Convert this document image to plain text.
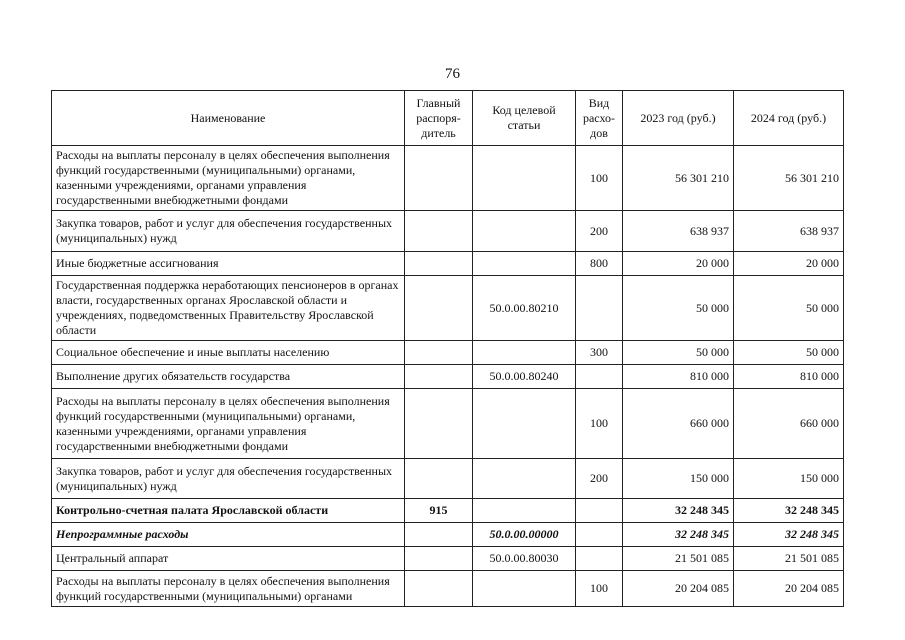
76
Наименование	Главный распоря-дитель	Код целевой статьи	Вид расхо-дов	2023 год (руб.)	2024 год (руб.)
Расходы на выплаты персоналу в целях обеспечения выполнения функций государственными (муниципальными) органами, казенными учреждениями, органами управления государственными внебюджетными фондами			100	56 301 210	56 301 210
Закупка товаров, работ и услуг для обеспечения государственных (муниципальных) нужд			200	638 937	638 937
Иные бюджетные ассигнования			800	20 000	20 000
Государственная поддержка неработающих пенсионеров в органах власти, государственных органах Ярославской области и учреждениях, подведомственных Правительству Ярославской области		50.0.00.80210		50 000	50 000
Социальное обеспечение и иные выплаты населению			300	50 000	50 000
Выполнение других обязательств государства		50.0.00.80240		810 000	810 000
Расходы на выплаты персоналу в целях обеспечения выполнения функций государственными (муниципальными) органами, казенными учреждениями, органами управления государственными внебюджетными фондами			100	660 000	660 000
Закупка товаров, работ и услуг для обеспечения государственных (муниципальных) нужд			200	150 000	150 000
Контрольно-счетная палата Ярославской области	915			32 248 345	32 248 345
Непрограммные расходы		50.0.00.00000		32 248 345	32 248 345
Центральный аппарат		50.0.00.80030		21 501 085	21 501 085
Расходы на выплаты персоналу в целях обеспечения выполнения функций государственными (муниципальными) органами			100	20 204 085	20 204 085
